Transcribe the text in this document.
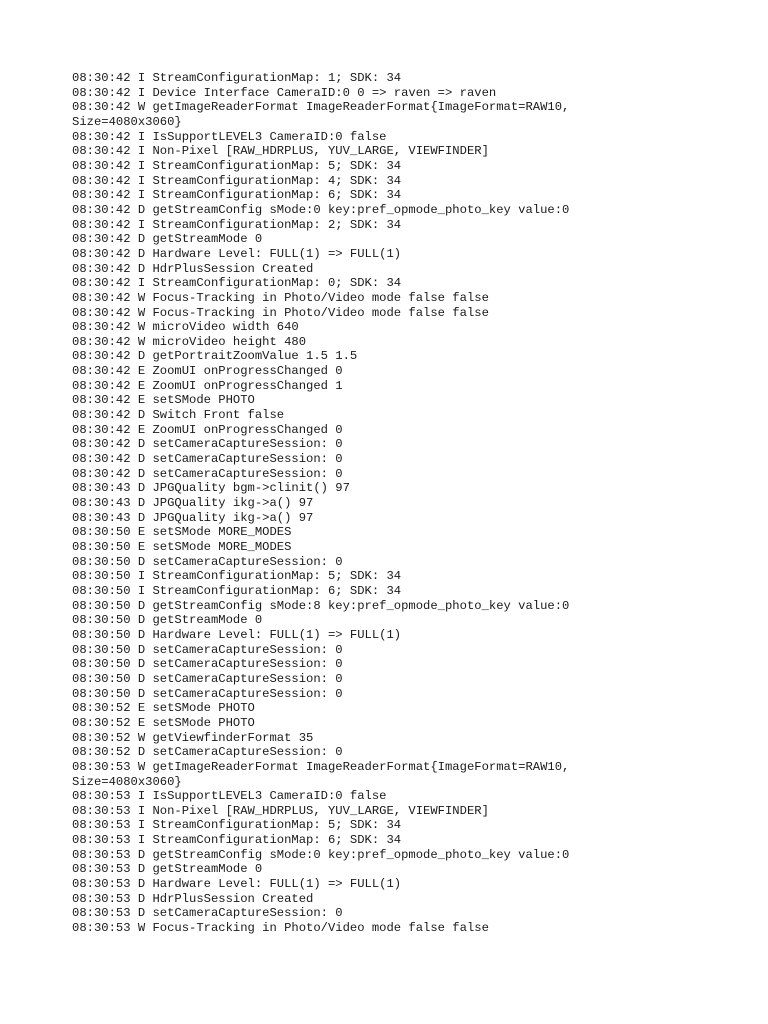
08:30:42 I StreamConfigurationMap: 1; SDK: 34
08:30:42 I Device Interface CameraID:0 0 => raven => raven
08:30:42 W getImageReaderFormat ImageReaderFormat{ImageFormat=RAW10,
Size=4080x3060}
08:30:42 I IsSupportLEVEL3 CameraID:0 false
08:30:42 I Non-Pixel [RAW_HDRPLUS, YUV_LARGE, VIEWFINDER]
08:30:42 I StreamConfigurationMap: 5; SDK: 34
08:30:42 I StreamConfigurationMap: 4; SDK: 34
08:30:42 I StreamConfigurationMap: 6; SDK: 34
08:30:42 D getStreamConfig sMode:0 key:pref_opmode_photo_key value:0
08:30:42 I StreamConfigurationMap: 2; SDK: 34
08:30:42 D getStreamMode 0
08:30:42 D Hardware Level: FULL(1) => FULL(1)
08:30:42 D HdrPlusSession Created
08:30:42 I StreamConfigurationMap: 0; SDK: 34
08:30:42 W Focus-Tracking in Photo/Video mode false false
08:30:42 W Focus-Tracking in Photo/Video mode false false
08:30:42 W microVideo width 640
08:30:42 W microVideo height 480
08:30:42 D getPortraitZoomValue 1.5 1.5
08:30:42 E ZoomUI onProgressChanged 0
08:30:42 E ZoomUI onProgressChanged 1
08:30:42 E setSMode PHOTO
08:30:42 D Switch Front false
08:30:42 E ZoomUI onProgressChanged 0
08:30:42 D setCameraCaptureSession: 0
08:30:42 D setCameraCaptureSession: 0
08:30:42 D setCameraCaptureSession: 0
08:30:43 D JPGQuality bgm->clinit() 97
08:30:43 D JPGQuality ikg->a() 97
08:30:43 D JPGQuality ikg->a() 97
08:30:50 E setSMode MORE_MODES
08:30:50 E setSMode MORE_MODES
08:30:50 D setCameraCaptureSession: 0
08:30:50 I StreamConfigurationMap: 5; SDK: 34
08:30:50 I StreamConfigurationMap: 6; SDK: 34
08:30:50 D getStreamConfig sMode:8 key:pref_opmode_photo_key value:0
08:30:50 D getStreamMode 0
08:30:50 D Hardware Level: FULL(1) => FULL(1)
08:30:50 D setCameraCaptureSession: 0
08:30:50 D setCameraCaptureSession: 0
08:30:50 D setCameraCaptureSession: 0
08:30:50 D setCameraCaptureSession: 0
08:30:52 E setSMode PHOTO
08:30:52 E setSMode PHOTO
08:30:52 W getViewfinderFormat 35
08:30:52 D setCameraCaptureSession: 0
08:30:53 W getImageReaderFormat ImageReaderFormat{ImageFormat=RAW10,
Size=4080x3060}
08:30:53 I IsSupportLEVEL3 CameraID:0 false
08:30:53 I Non-Pixel [RAW_HDRPLUS, YUV_LARGE, VIEWFINDER]
08:30:53 I StreamConfigurationMap: 5; SDK: 34
08:30:53 I StreamConfigurationMap: 6; SDK: 34
08:30:53 D getStreamConfig sMode:0 key:pref_opmode_photo_key value:0
08:30:53 D getStreamMode 0
08:30:53 D Hardware Level: FULL(1) => FULL(1)
08:30:53 D HdrPlusSession Created
08:30:53 D setCameraCaptureSession: 0
08:30:53 W Focus-Tracking in Photo/Video mode false false
